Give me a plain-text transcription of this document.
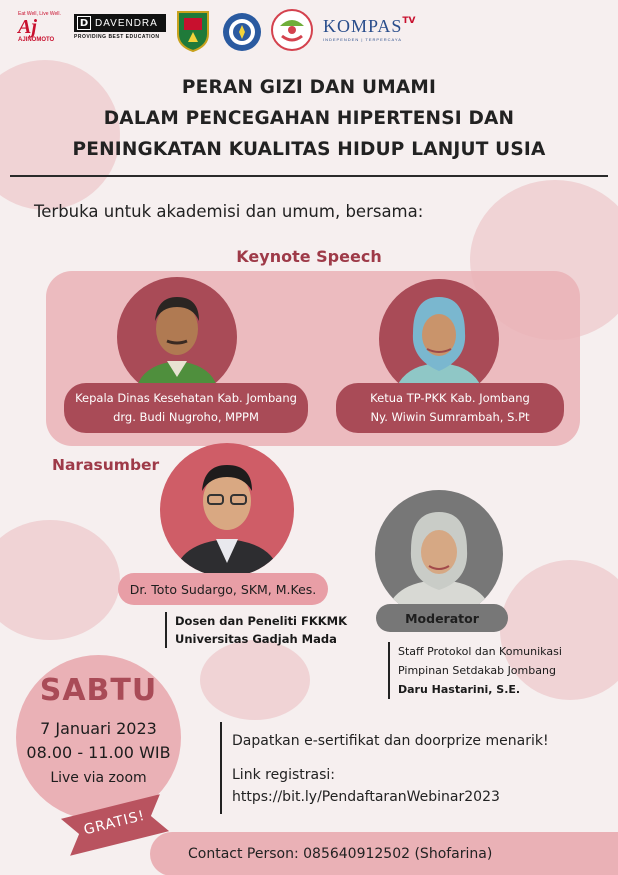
Eat Well, Live Well.
Aj
AJINOMOTO
D DAVENDRA
PROVIDING BEST EDUCATION
$KOMPAS^{TV}$
INDEPENDEN | TERPERCAYA
PERAN GIZI DAN UMAMI
DALAM PENCEGAHAN HIPERTENSI DAN
PENINGKATAN KUALITAS HIDUP LANJUT USIA
Terbuka untuk akademisi dan umum, bersama:
Keynote Speech
Kepala Dinas Kesehatan Kab. Jombang
drg. Budi Nugroho, MPPM
Ketua TP-PKK Kab. Jombang
Ny. Wiwin Sumrambah, S.Pt
Narasumber
Dr. Toto Sudargo, SKM, M.Kes.
Dosen dan Peneliti FKKMK
Universitas Gadjah Mada
Moderator
Staff Protokol dan Komunikasi
Pimpinan Setdakab Jombang
Daru Hastarini, S.E.
SABTU
7 Januari 2023
08.00 - 11.00 WIB
Live via zoom
GRATIS!
Dapatkan e-sertifikat dan doorprize menarik!
Link registrasi:
https://bit.ly/PendaftaranWebinar2023
Contact Person: 085640912502 (Shofarina)
